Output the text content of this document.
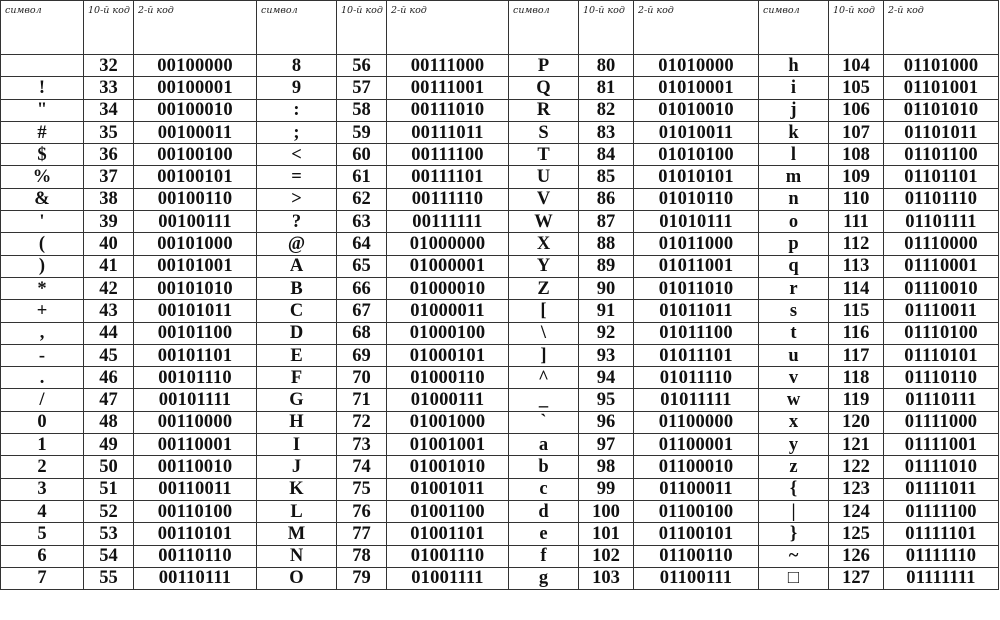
символ	10-й код	2-й код	символ	10-й код	2-й код	символ	10-й код	2-й код	символ	10-й код	2-й код
	32	00100000	8	56	00111000	P	80	01010000	h	104	01101000
!	33	00100001	9	57	00111001	Q	81	01010001	i	105	01101001
"	34	00100010	:	58	00111010	R	82	01010010	j	106	01101010
#	35	00100011	;	59	00111011	S	83	01010011	k	107	01101011
$	36	00100100	<	60	00111100	T	84	01010100	l	108	01101100
%	37	00100101	=	61	00111101	U	85	01010101	m	109	01101101
&	38	00100110	>	62	00111110	V	86	01010110	n	110	01101110
'	39	00100111	?	63	00111111	W	87	01010111	o	111	01101111
(	40	00101000	@	64	01000000	X	88	01011000	p	112	01110000
)	41	00101001	A	65	01000001	Y	89	01011001	q	113	01110001
*	42	00101010	B	66	01000010	Z	90	01011010	r	114	01110010
+	43	00101011	C	67	01000011	[	91	01011011	s	115	01110011
,	44	00101100	D	68	01000100	\	92	01011100	t	116	01110100
-	45	00101101	E	69	01000101	]	93	01011101	u	117	01110101
.	46	00101110	F	70	01000110	^	94	01011110	v	118	01110110
/	47	00101111	G	71	01000111	_	95	01011111	w	119	01110111
0	48	00110000	H	72	01001000	`	96	01100000	x	120	01111000
1	49	00110001	I	73	01001001	a	97	01100001	y	121	01111001
2	50	00110010	J	74	01001010	b	98	01100010	z	122	01111010
3	51	00110011	K	75	01001011	c	99	01100011	{	123	01111011
4	52	00110100	L	76	01001100	d	100	01100100	|	124	01111100
5	53	00110101	M	77	01001101	e	101	01100101	}	125	01111101
6	54	00110110	N	78	01001110	f	102	01100110	~	126	01111110
7	55	00110111	O	79	01001111	g	103	01100111	□	127	01111111
